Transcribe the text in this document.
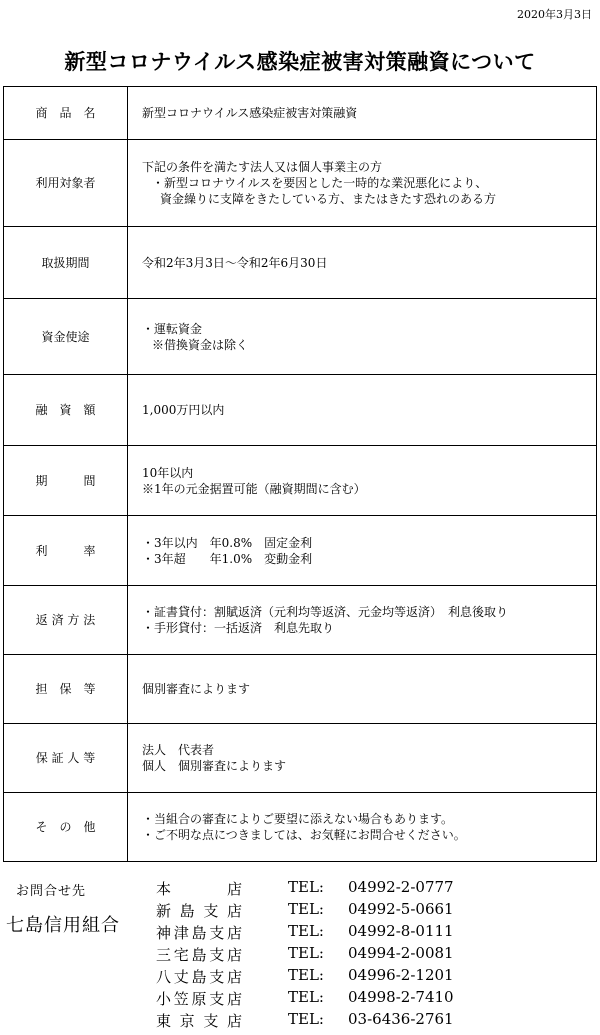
2020年3月3日
新型コロナウイルス感染症被害対策融資について
商　品　名	新型コロナウイルス感染症被害対策融資

利用対象者	下記の条件を満たす法人又は個人事業主の方
・新型コロナウイルスを要因とした一時的な業況悪化により、
資金繰りに支障をきたしている方、またはきたす恐れのある方

取扱期間	令和2年3月3日～令和2年6月30日

資金使途	・運転資金
※借換資金は除く

融　資　額	1,000万円以内

期　　　間	10年以内
※1年の元金据置可能（融資期間に含む）

利　　　率	・3年以内　年0.8%　固定金利
・3年超　　年1.0%　変動金利

返 済 方 法	・証書貸付：割賦返済（元利均等返済、元金均等返済）　利息後取り
・手形貸付：一括返済　利息先取り

担　保　等	個別審査によります

保 証 人 等	法人　代表者
個人　個別審査によります

そ　の　他	・当組合の審査によりご要望に添えない場合もあります。
・ご不明な点につきましては、お気軽にお問合せください。
お問合せ先
七島信用組合
本店	TEL: 04992-2-0777
新島支店	TEL: 04992-5-0661
神津島支店	TEL: 04992-8-0111
三宅島支店	TEL: 04994-2-0081
八丈島支店	TEL: 04996-2-1201
小笠原支店	TEL: 04998-2-7410
東京支店	TEL: 03-6436-2761
